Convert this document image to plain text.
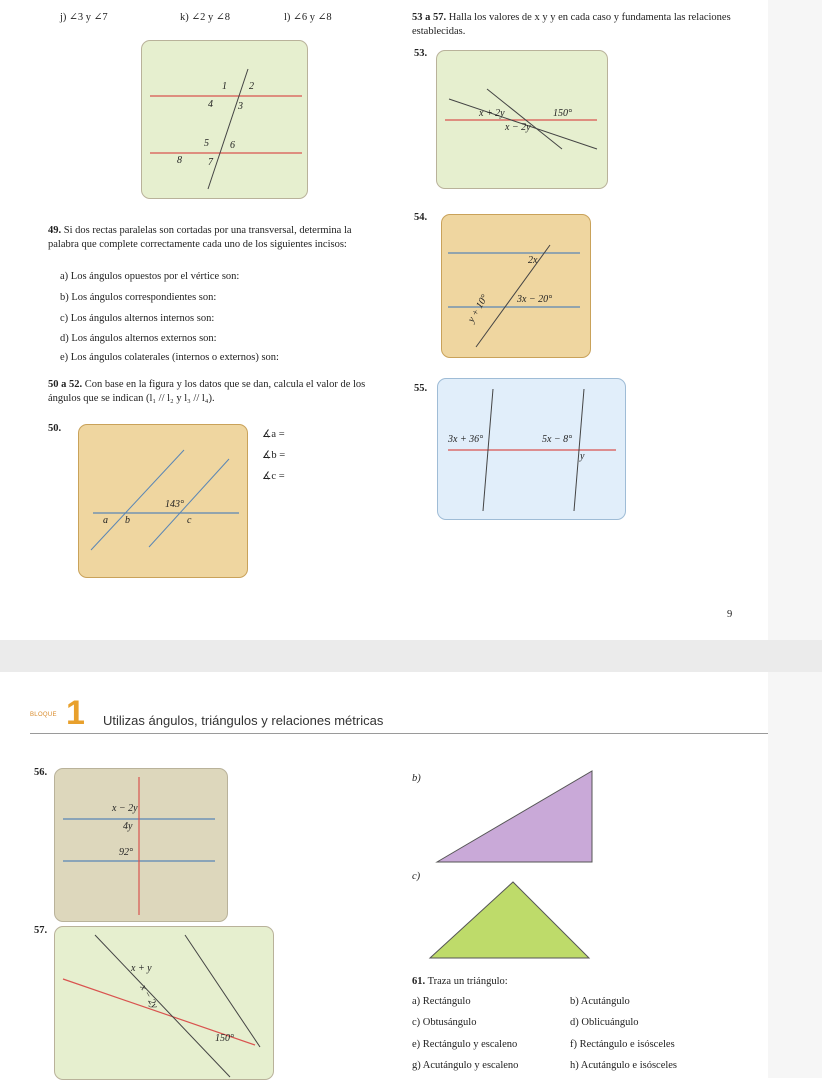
j) ∠3 y ∠7	k) ∠2 y ∠8	l) ∠6 y ∠8	53 a 57. Halla los valores de x y y en cada caso y fundamenta las relaciones establecidas.
1 2
4	3
5 6
8	7
49. Si dos rectas paralelas son cortadas por una transversal, determina la palabra que complete correctamente cada uno de los siguientes incisos:
a) Los ángulos opuestos por el vértice son:
b) Los ángulos correspondientes son:
c) Los ángulos alternos internos son:
d) Los ángulos alternos externos son:
e) Los ángulos colaterales (internos o externos) son:
50 a 52. Con base en la figura y los datos que se dan, calcula el valor de los ángulos que se indican (l₁ // l₂ y l₃ // l₄).
50.
143°
a b	c
∡a =
∡b =
∡c =
53.
x + 2y	150°
x − 2y
54.
2x
3x − 20°
y + 10°
55.
3x + 36°	5x − 8°
y
9
BLOQUE 1 Utilizas ángulos, triángulos y relaciones métricas
56.
x − 2y
4y
92°
57.
x + y
x − 2y
150°
b)
c)
61. Traza un triángulo:
a) Rectángulo	b) Acutángulo
c) Obtusángulo	d) Oblicuángulo
e) Rectángulo y escaleno	f) Rectángulo e isósceles
g) Acutángulo y escaleno	h) Acutángulo e isósceles
